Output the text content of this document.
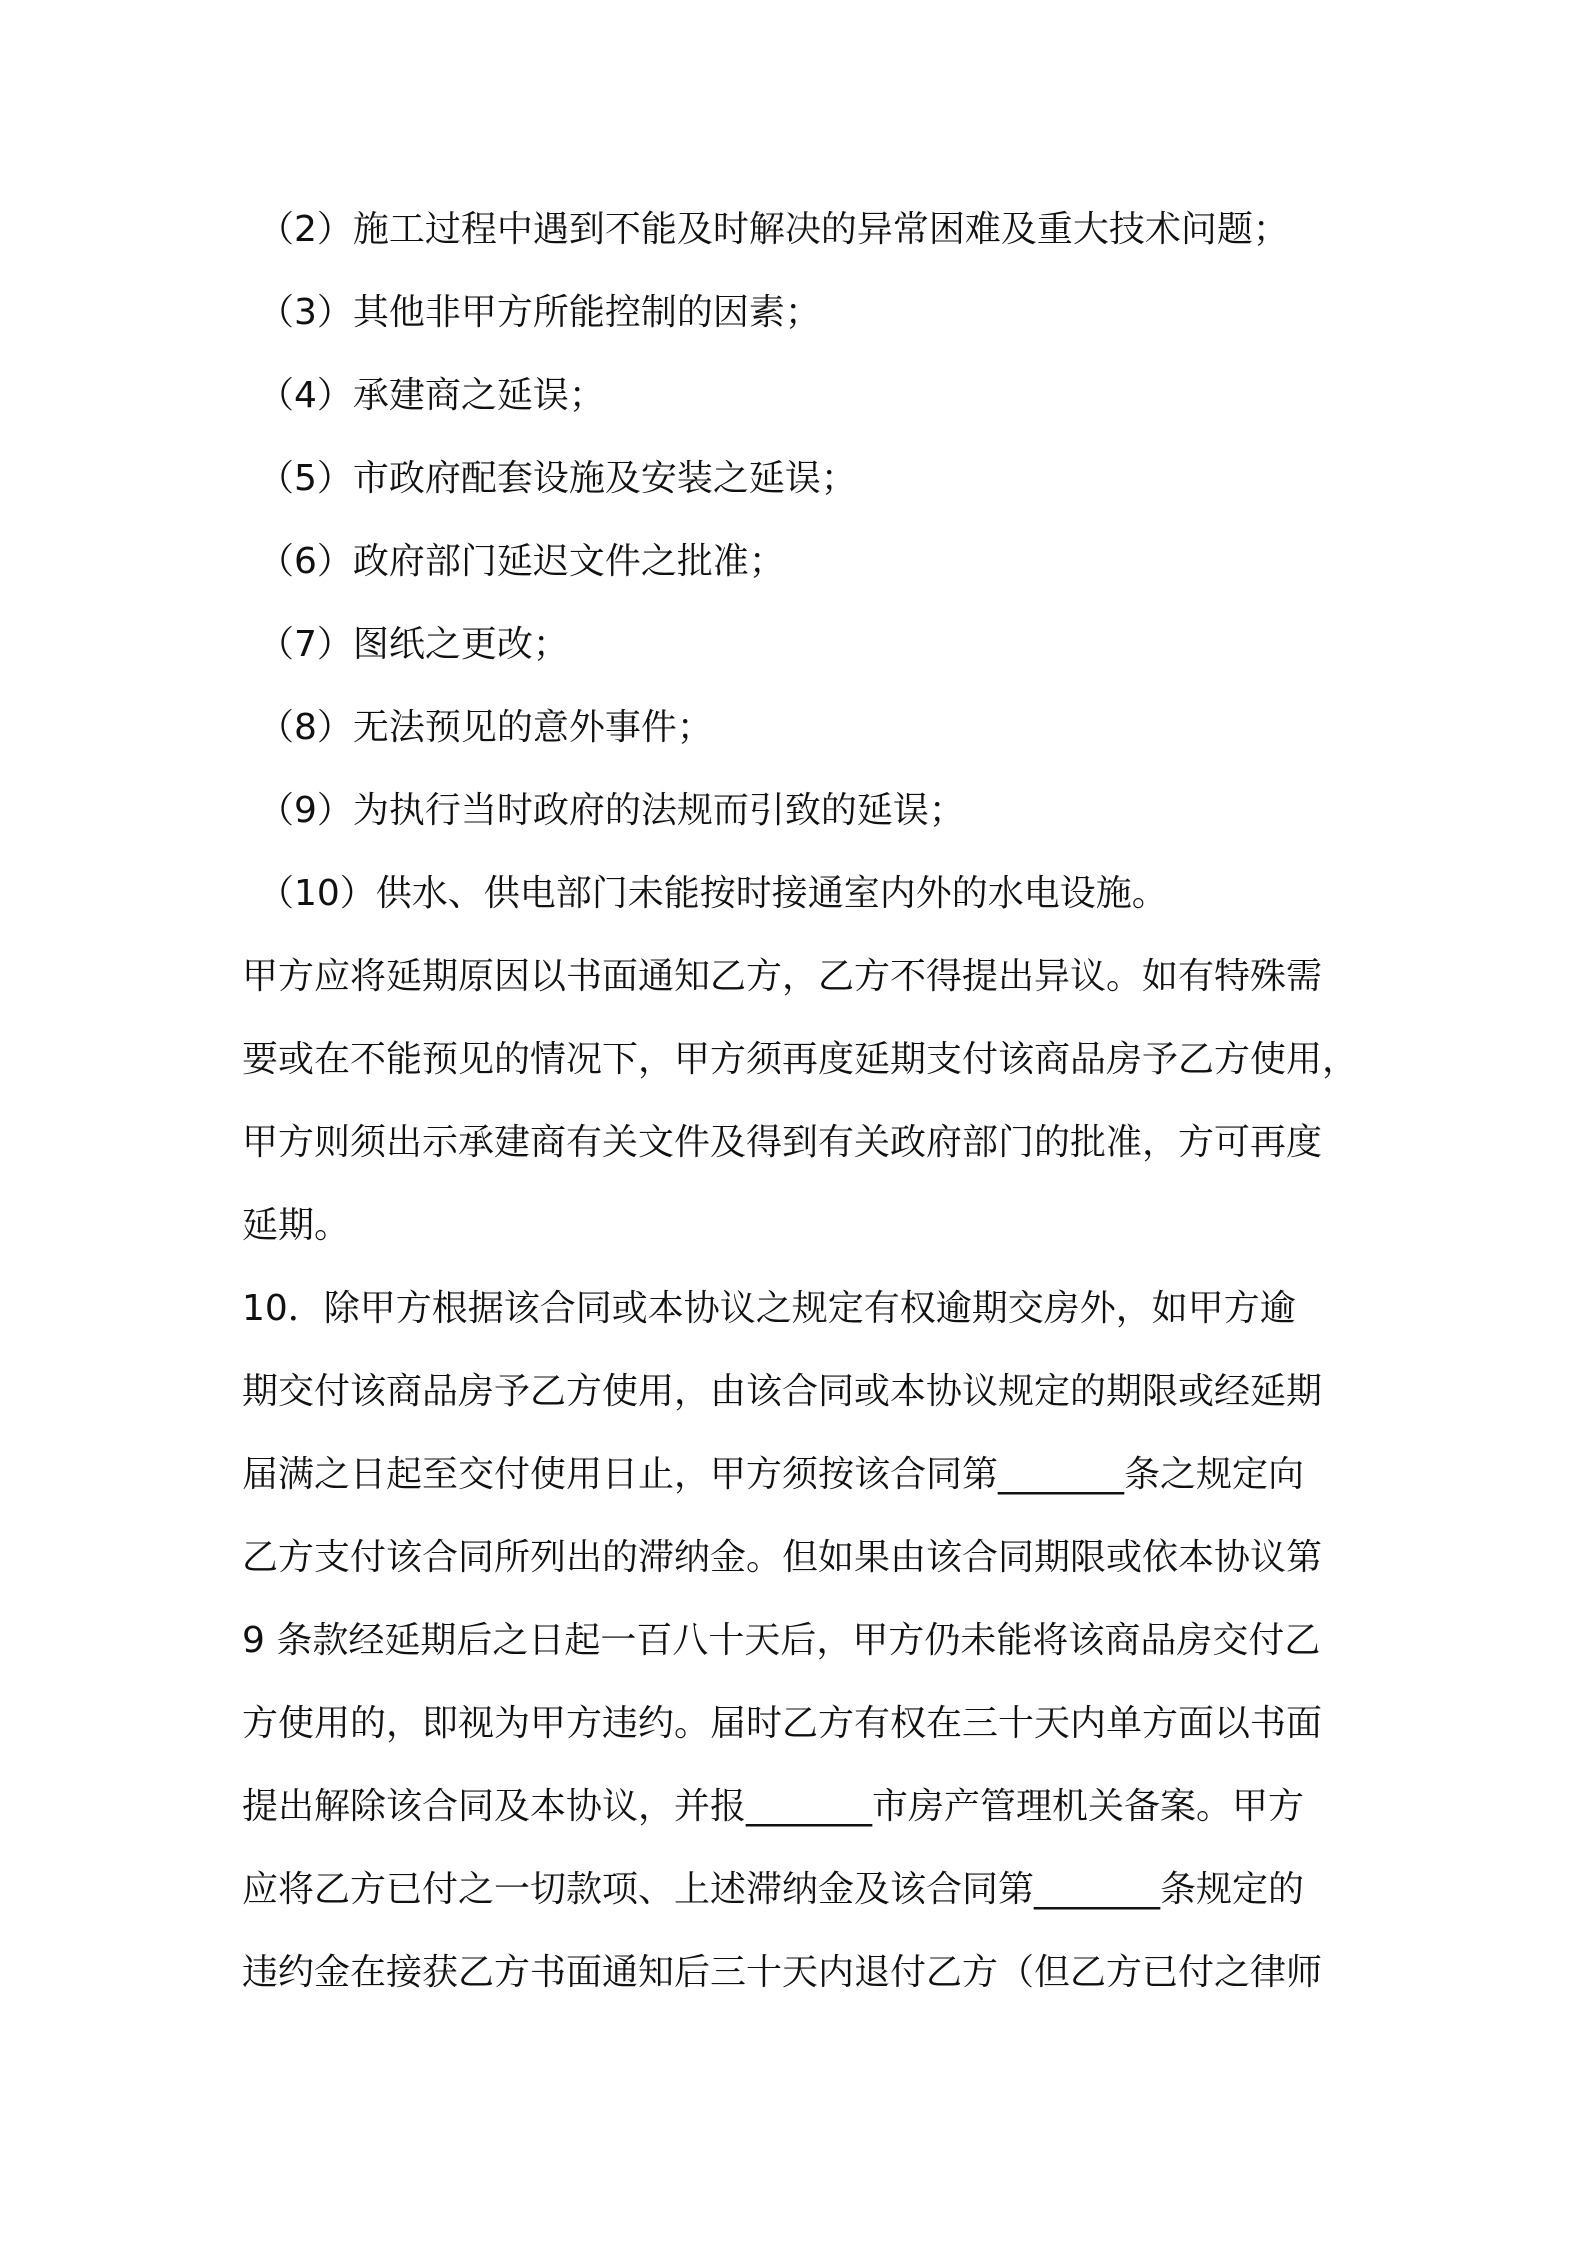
（2）施工过程中遇到不能及时解决的异常困难及重大技术问题；
（3）其他非甲方所能控制的因素；
（4）承建商之延误；
（5）市政府配套设施及安装之延误；
（6）政府部门延迟文件之批准；
（7）图纸之更改；
（8）无法预见的意外事件；
（9）为执行当时政府的法规而引致的延误；
（10）供水、供电部门未能按时接通室内外的水电设施。
甲方应将延期原因以书面通知乙方，乙方不得提出异议。如有特殊需
要或在不能预见的情况下，甲方须再度延期支付该商品房予乙方使用，
甲方则须出示承建商有关文件及得到有关政府部门的批准，方可再度
延期。
10．除甲方根据该合同或本协议之规定有权逾期交房外，如甲方逾
期交付该商品房予乙方使用，由该合同或本协议规定的期限或经延期
届满之日起至交付使用日止，甲方须按该合同第_______条之规定向
乙方支付该合同所列出的滞纳金。但如果由该合同期限或依本协议第
9 条款经延期后之日起一百八十天后，甲方仍未能将该商品房交付乙
方使用的，即视为甲方违约。届时乙方有权在三十天内单方面以书面
提出解除该合同及本协议，并报_______市房产管理机关备案。甲方
应将乙方已付之一切款项、上述滞纳金及该合同第_______条规定的
违约金在接获乙方书面通知后三十天内退付乙方（但乙方已付之律师
